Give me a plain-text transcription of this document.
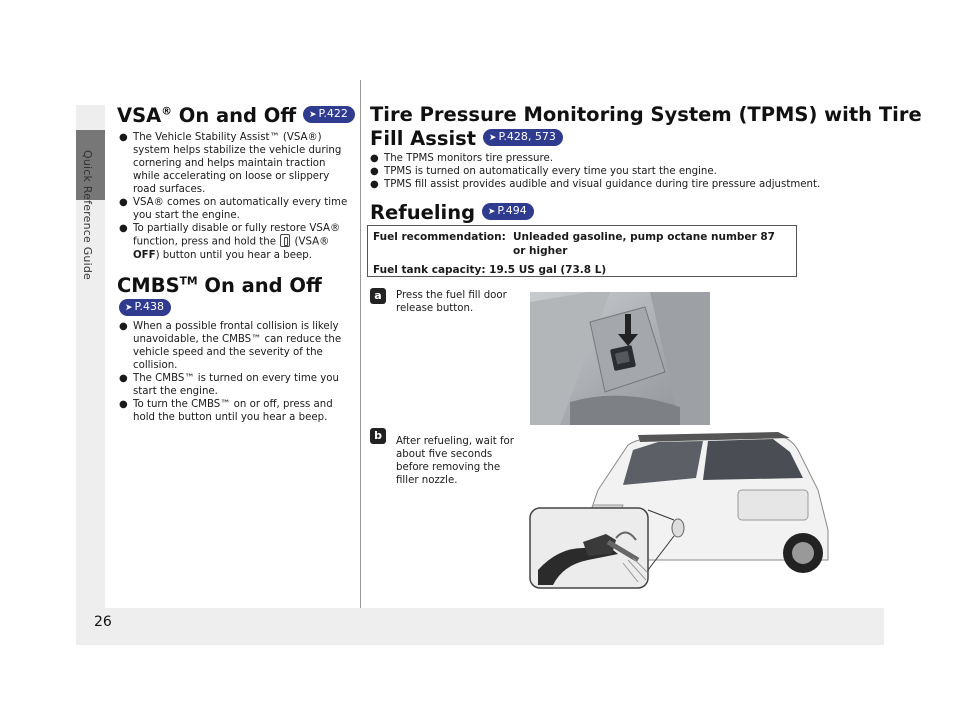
Quick Reference Guide
26
VSA® On and Off ➤ P.422
● The Vehicle Stability Assist™ (VSA®) system helps stabilize the vehicle during cornering and helps maintain traction while accelerating on loose or slippery road surfaces.
● VSA® comes on automatically every time you start the engine.
● To partially disable or fully restore VSA® function, press and hold the (VSA® OFF) button until you hear a beep.
CMBS™ On and Off
➤ P.438
● When a possible frontal collision is likely unavoidable, the CMBS™ can reduce the vehicle speed and the severity of the collision.
● The CMBS™ is turned on every time you start the engine.
● To turn the CMBS™ on or off, press and hold the button until you hear a beep.
Tire Pressure Monitoring System (TPMS) with Tire
Fill Assist ➤ P.428, 573
● The TPMS monitors tire pressure.
● TPMS is turned on automatically every time you start the engine.
● TPMS fill assist provides audible and visual guidance during tire pressure adjustment.
Refueling ➤ P.494
Fuel recommendation: Unleaded gasoline, pump octane number 87 or higher
Fuel tank capacity: 19.5 US gal (73.8 L)
a	Press the fuel fill door release button.
b	After refueling, wait for about five seconds before removing the filler nozzle.
